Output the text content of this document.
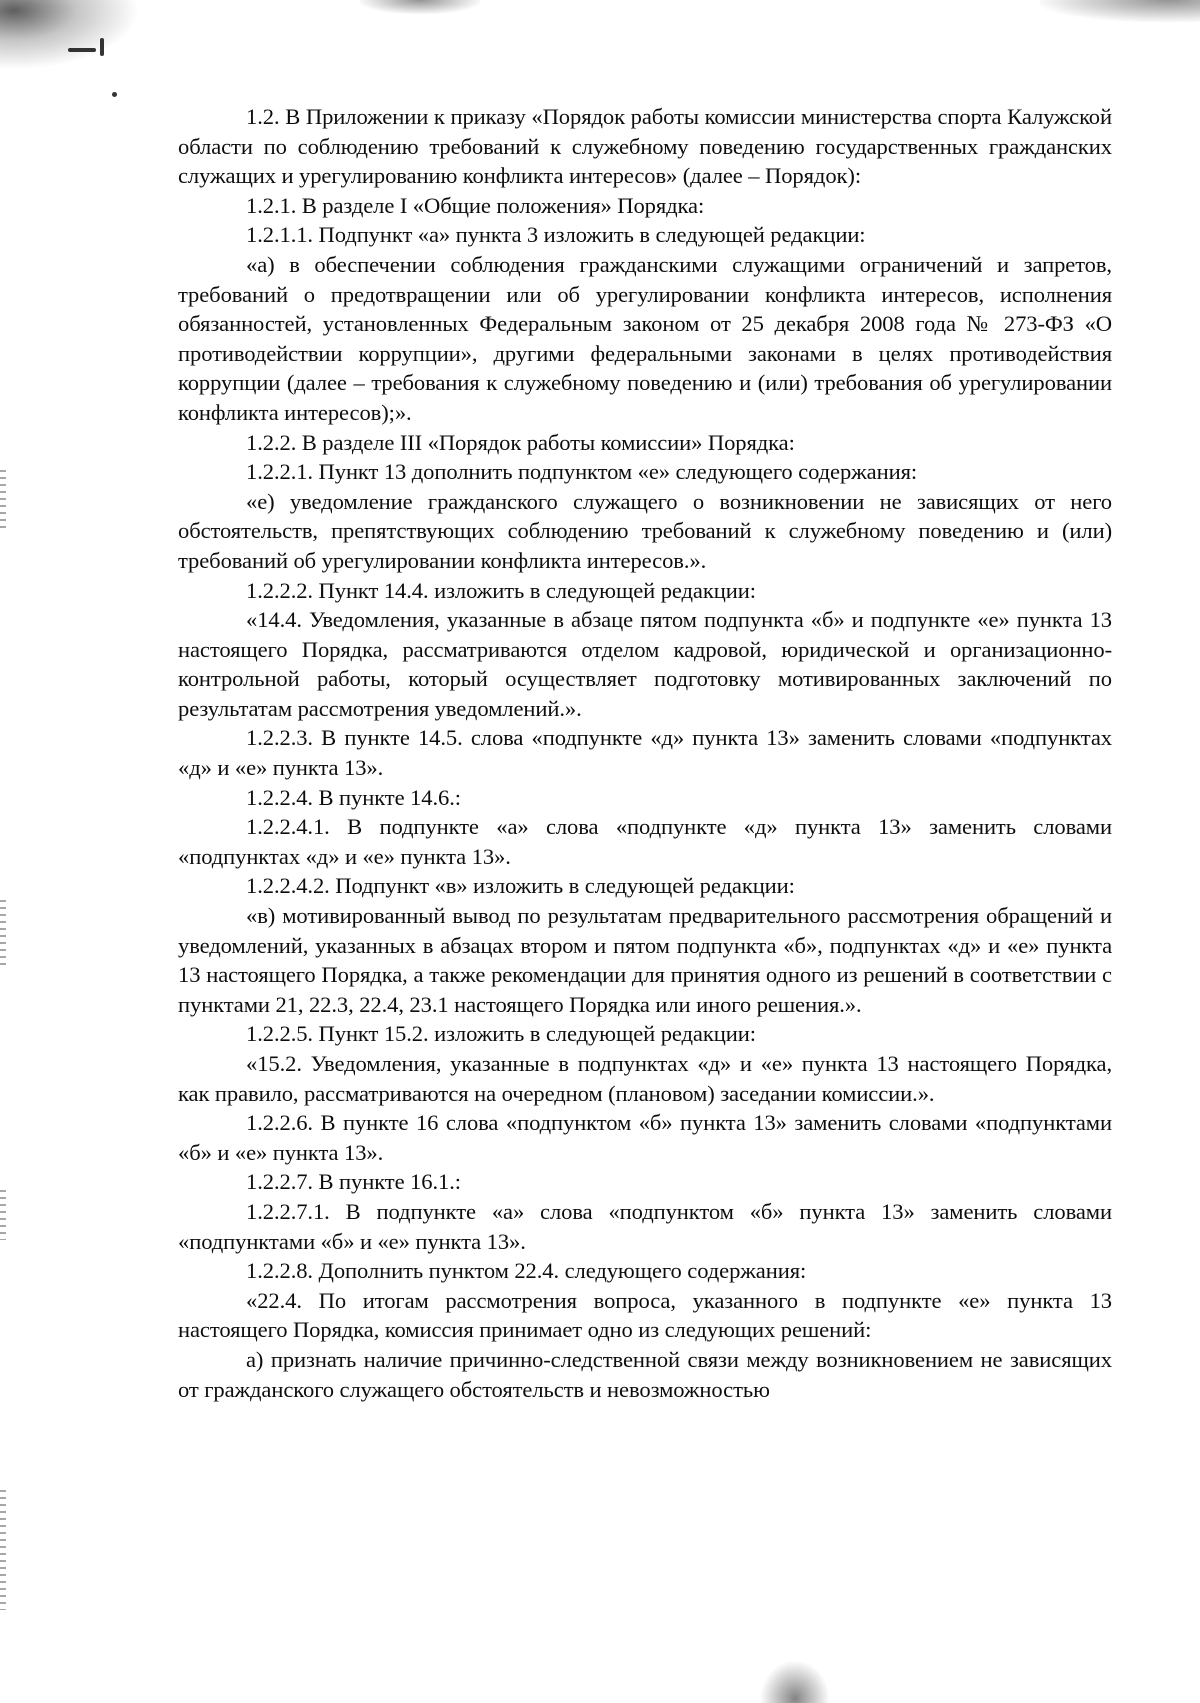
1.2. В Приложении к приказу «Порядок работы комиссии министерства спорта Калужской области по соблюдению требований к служебному поведению государственных гражданских служащих и урегулированию конфликта интересов» (далее – Порядок):

1.2.1. В разделе I «Общие положения» Порядка:

1.2.1.1. Подпункт «а» пункта 3 изложить в следующей редакции:

«а) в обеспечении соблюдения гражданскими служащими ограничений и запретов, требований о предотвращении или об урегулировании конфликта интересов, исполнения обязанностей, установленных Федеральным законом от 25 декабря 2008 года № 273-ФЗ «О противодействии коррупции», другими федеральными законами в целях противодействия коррупции (далее – требования к служебному поведению и (или) требования об урегулировании конфликта интересов);».

1.2.2. В разделе III «Порядок работы комиссии» Порядка:

1.2.2.1. Пункт 13 дополнить подпунктом «е» следующего содержания:

«е) уведомление гражданского служащего о возникновении не зависящих от него обстоятельств, препятствующих соблюдению требований к служебному поведению и (или) требований об урегулировании конфликта интересов.».

1.2.2.2. Пункт 14.4. изложить в следующей редакции:

«14.4. Уведомления, указанные в абзаце пятом подпункта «б» и подпункте «е» пункта 13 настоящего Порядка, рассматриваются отделом кадровой, юридической и организационно-контрольной работы, который осуществляет подготовку мотивированных заключений по результатам рассмотрения уведомлений.».

1.2.2.3. В пункте 14.5. слова «подпункте «д» пункта 13» заменить словами «подпунктах «д» и «е» пункта 13».

1.2.2.4. В пункте 14.6.:

1.2.2.4.1. В подпункте «а» слова «подпункте «д» пункта 13» заменить словами «подпунктах «д» и «е» пункта 13».

1.2.2.4.2. Подпункт «в» изложить в следующей редакции:

«в) мотивированный вывод по результатам предварительного рассмотрения обращений и уведомлений, указанных в абзацах втором и пятом подпункта «б», подпунктах «д» и «е» пункта 13 настоящего Порядка, а также рекомендации для принятия одного из решений в соответствии с пунктами 21, 22.3, 22.4, 23.1 настоящего Порядка или иного решения.».

1.2.2.5. Пункт 15.2. изложить в следующей редакции:

«15.2. Уведомления, указанные в подпунктах «д» и «е» пункта 13 настоящего Порядка, как правило, рассматриваются на очередном (плановом) заседании комиссии.».

1.2.2.6. В пункте 16 слова «подпунктом «б» пункта 13» заменить словами «подпунктами «б» и «е» пункта 13».

1.2.2.7. В пункте 16.1.:

1.2.2.7.1. В подпункте «а» слова «подпунктом «б» пункта 13» заменить словами «подпунктами «б» и «е» пункта 13».

1.2.2.8. Дополнить пунктом 22.4. следующего содержания:

«22.4. По итогам рассмотрения вопроса, указанного в подпункте «е» пункта 13 настоящего Порядка, комиссия принимает одно из следующих решений:

а) признать наличие причинно-следственной связи между возникновением не зависящих от гражданского служащего обстоятельств и невозможностью
